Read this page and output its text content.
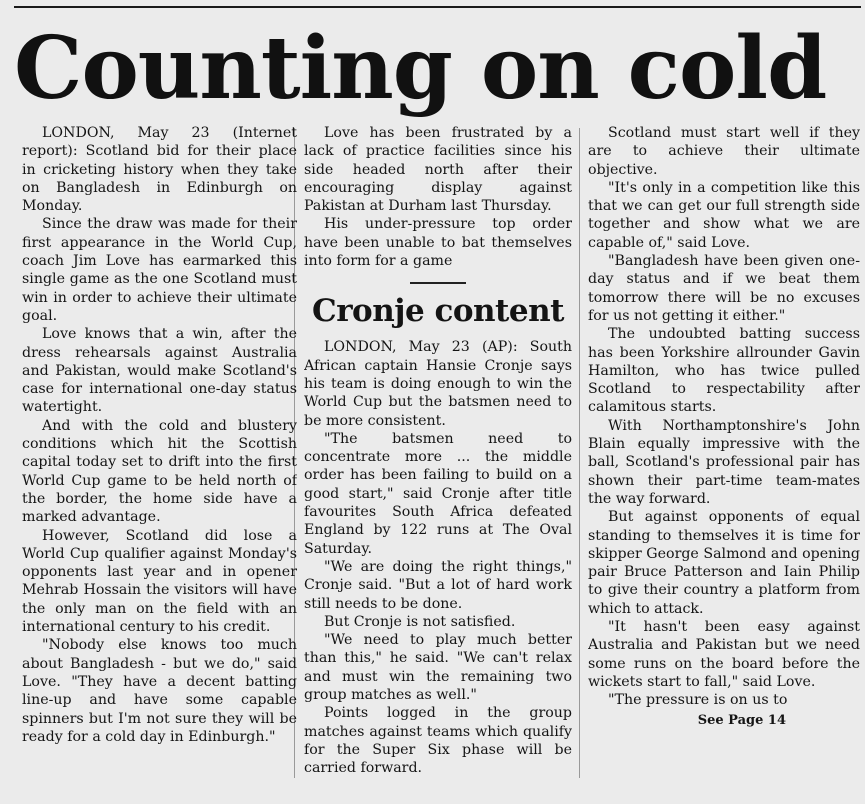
Counting on cold

LONDON, May 23 (Internet report): Scotland bid for their place in cricketing history when they take on Bangladesh in Edinburgh on Monday.

Since the draw was made for their first appearance in the World Cup, coach Jim Love has earmarked this single game as the one Scotland must win in order to achieve their ultimate goal.

Love knows that a win, after the dress rehearsals against Australia and Pakistan, would make Scotland's case for international one-day status watertight.

And with the cold and blustery conditions which hit the Scottish capital today set to drift into the first World Cup game to be held north of the border, the home side have a marked advantage.

However, Scotland did lose a World Cup qualifier against Monday's opponents last year and in opener Mehrab Hossain the visitors will have the only man on the field with an international century to his credit.

"Nobody else knows too much about Bangladesh - but we do," said Love. "They have a decent batting line-up and have some capable spinners but I'm not sure they will be ready for a cold day in Edinburgh."

Love has been frustrated by a lack of practice facilities since his side headed north after their encouraging display against Pakistan at Durham last Thursday.

His under-pressure top order have been unable to bat themselves into form for a game

Cronje content

LONDON, May 23 (AP): South African captain Hansie Cronje says his team is doing enough to win the World Cup but the batsmen need to be more consistent.

"The batsmen need to concentrate more ... the middle order has been failing to build on a good start," said Cronje after title favourites South Africa defeated England by 122 runs at The Oval Saturday.

"We are doing the right things," Cronje said. "But a lot of hard work still needs to be done.

But Cronje is not satisfied.

"We need to play much better than this," he said. "We can't relax and must win the remaining two group matches as well."

Points logged in the group matches against teams which qualify for the Super Six phase will be carried forward.

Scotland must start well if they are to achieve their ultimate objective.

"It's only in a competition like this that we can get our full strength side together and show what we are capable of," said Love.

"Bangladesh have been given one-day status and if we beat them tomorrow there will be no excuses for us not getting it either."

The undoubted batting success has been Yorkshire allrounder Gavin Hamilton, who has twice pulled Scotland to respectability after calamitous starts.

With Northamptonshire's John Blain equally impressive with the ball, Scotland's professional pair has shown their part-time team-mates the way forward.

But against opponents of equal standing to themselves it is time for skipper George Salmond and opening pair Bruce Patterson and Iain Philip to give their country a platform from which to attack.

"It hasn't been easy against Australia and Pakistan but we need some runs on the board before the wickets start to fall," said Love.

"The pressure is on us to

See Page 14
